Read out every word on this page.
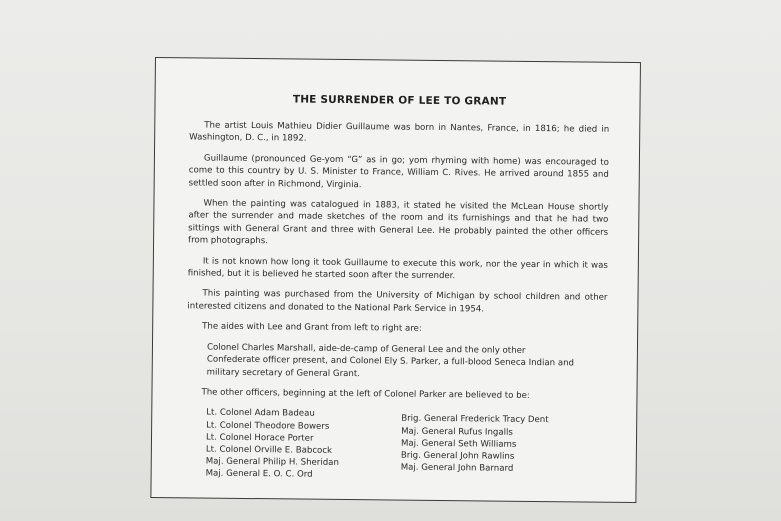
THE SURRENDER OF LEE TO GRANT

The artist Louis Mathieu Didier Guillaume was born in Nantes, France, in 1816; he died in Washington, D. C., in 1892.

Guillaume (pronounced Ge-yom “G” as in go; yom rhyming with home) was encouraged to come to this country by U. S. Minister to France, William C. Rives. He arrived around 1855 and settled soon after in Richmond, Virginia.

When the painting was catalogued in 1883, it stated he visited the McLean House shortly after the surrender and made sketches of the room and its furnishings and that he had two sittings with General Grant and three with General Lee. He probably painted the other officers from photographs.

It is not known how long it took Guillaume to execute this work, nor the year in which it was finished, but it is believed he started soon after the surrender.

This painting was purchased from the University of Michigan by school children and other interested citizens and donated to the National Park Service in 1954.

The aides with Lee and Grant from left to right are:

Colonel Charles Marshall, aide-de-camp of General Lee and the only other Confederate officer present, and Colonel Ely S. Parker, a full-blood Seneca Indian and military secretary of General Grant.

The other officers, beginning at the left of Colonel Parker are believed to be:

Lt. Colonel Adam Badeau
Lt. Colonel Theodore Bowers
Lt. Colonel Horace Porter
Lt. Colonel Orville E. Babcock
Maj. General Philip H. Sheridan
Maj. General E. O. C. Ord
Brig. General Frederick Tracy Dent
Maj. General Rufus Ingalls
Maj. General Seth Williams
Brig. General John Rawlins
Maj. General John Barnard
